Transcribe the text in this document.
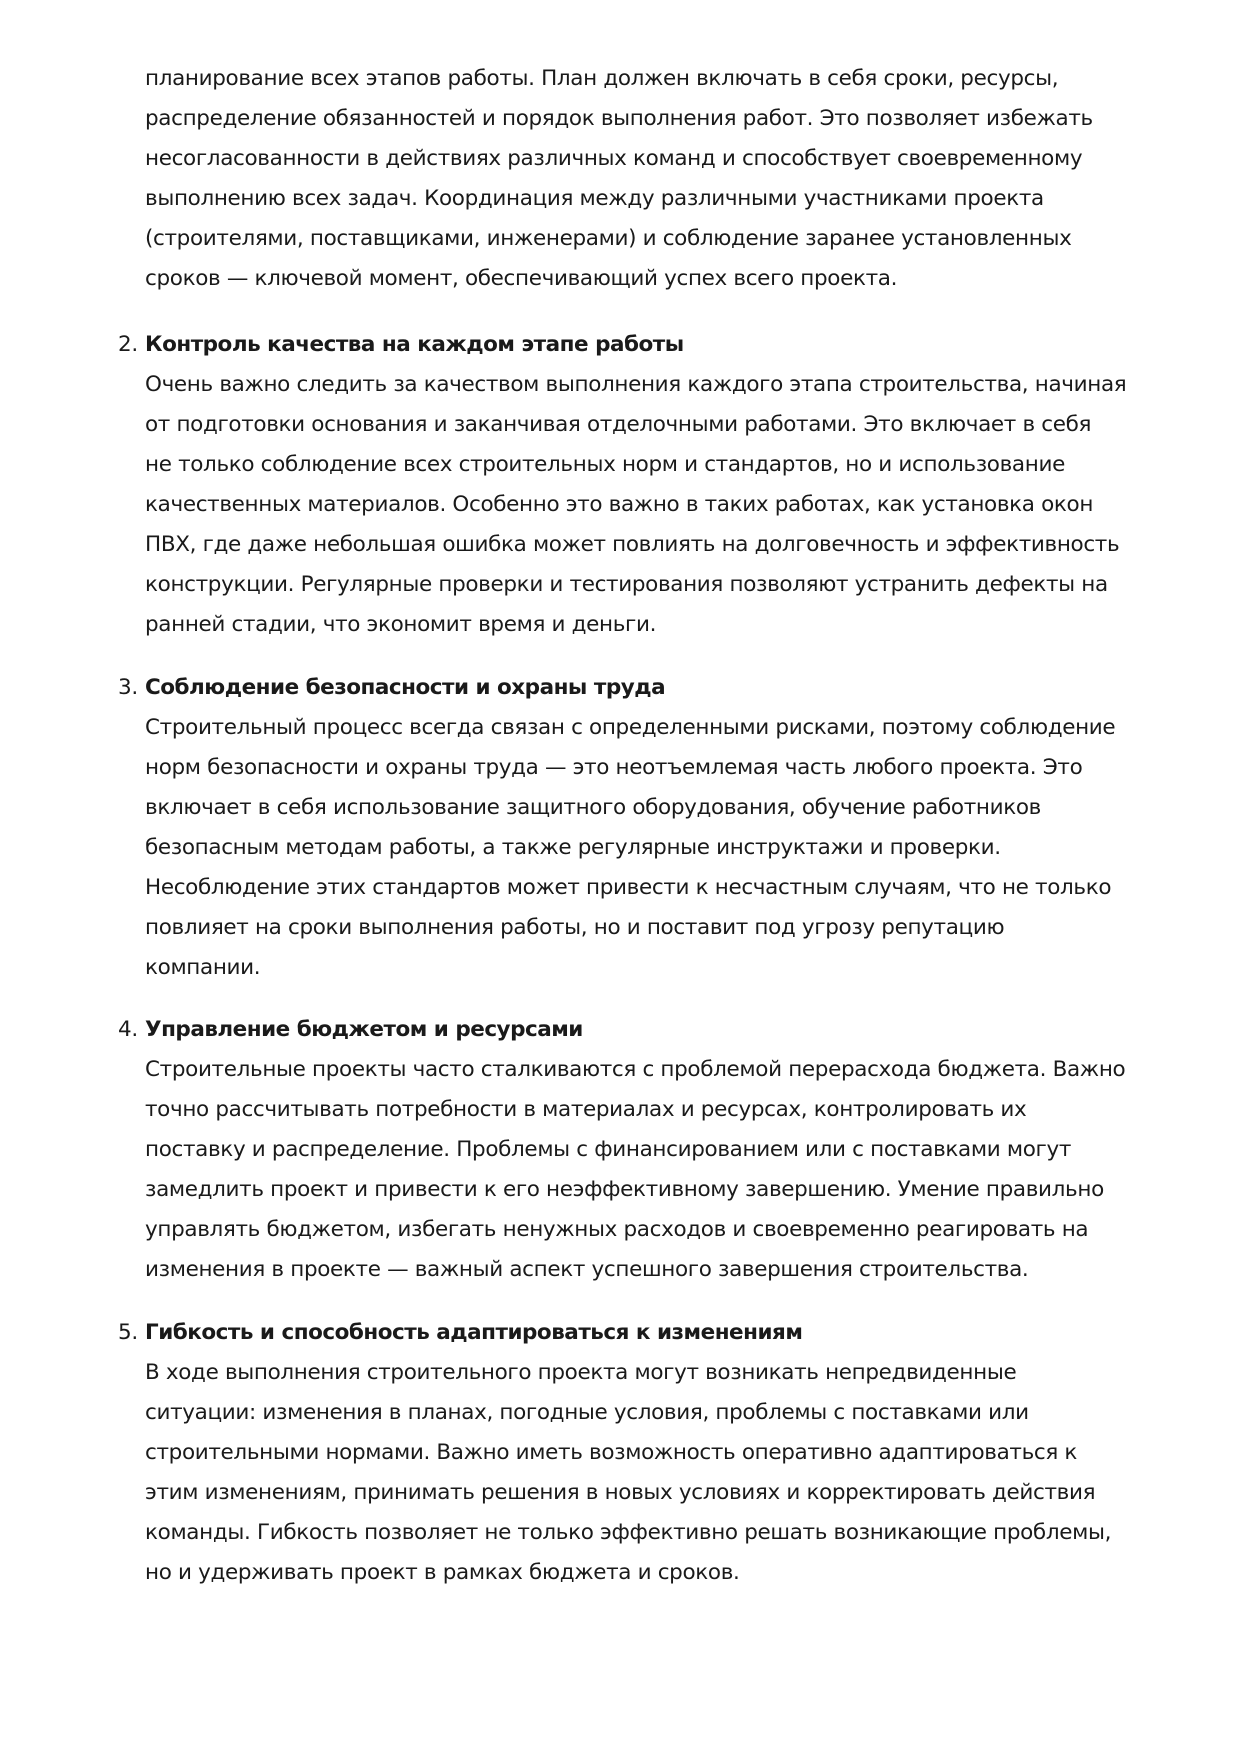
планирование всех этапов работы. План должен включать в себя сроки, ресурсы,
распределение обязанностей и порядок выполнения работ. Это позволяет избежать
несогласованности в действиях различных команд и способствует своевременному
выполнению всех задач. Координация между различными участниками проекта
(строителями, поставщиками, инженерами) и соблюдение заранее установленных
сроков — ключевой момент, обеспечивающий успех всего проекта.
2. Контроль качества на каждом этапе работы
Очень важно следить за качеством выполнения каждого этапа строительства, начиная
от подготовки основания и заканчивая отделочными работами. Это включает в себя
не только соблюдение всех строительных норм и стандартов, но и использование
качественных материалов. Особенно это важно в таких работах, как установка окон
ПВХ, где даже небольшая ошибка может повлиять на долговечность и эффективность
конструкции. Регулярные проверки и тестирования позволяют устранить дефекты на
ранней стадии, что экономит время и деньги.
3. Соблюдение безопасности и охраны труда
Строительный процесс всегда связан с определенными рисками, поэтому соблюдение
норм безопасности и охраны труда — это неотъемлемая часть любого проекта. Это
включает в себя использование защитного оборудования, обучение работников
безопасным методам работы, а также регулярные инструктажи и проверки.
Несоблюдение этих стандартов может привести к несчастным случаям, что не только
повлияет на сроки выполнения работы, но и поставит под угрозу репутацию
компании.
4. Управление бюджетом и ресурсами
Строительные проекты часто сталкиваются с проблемой перерасхода бюджета. Важно
точно рассчитывать потребности в материалах и ресурсах, контролировать их
поставку и распределение. Проблемы с финансированием или с поставками могут
замедлить проект и привести к его неэффективному завершению. Умение правильно
управлять бюджетом, избегать ненужных расходов и своевременно реагировать на
изменения в проекте — важный аспект успешного завершения строительства.
5. Гибкость и способность адаптироваться к изменениям
В ходе выполнения строительного проекта могут возникать непредвиденные
ситуации: изменения в планах, погодные условия, проблемы с поставками или
строительными нормами. Важно иметь возможность оперативно адаптироваться к
этим изменениям, принимать решения в новых условиях и корректировать действия
команды. Гибкость позволяет не только эффективно решать возникающие проблемы,
но и удерживать проект в рамках бюджета и сроков.
